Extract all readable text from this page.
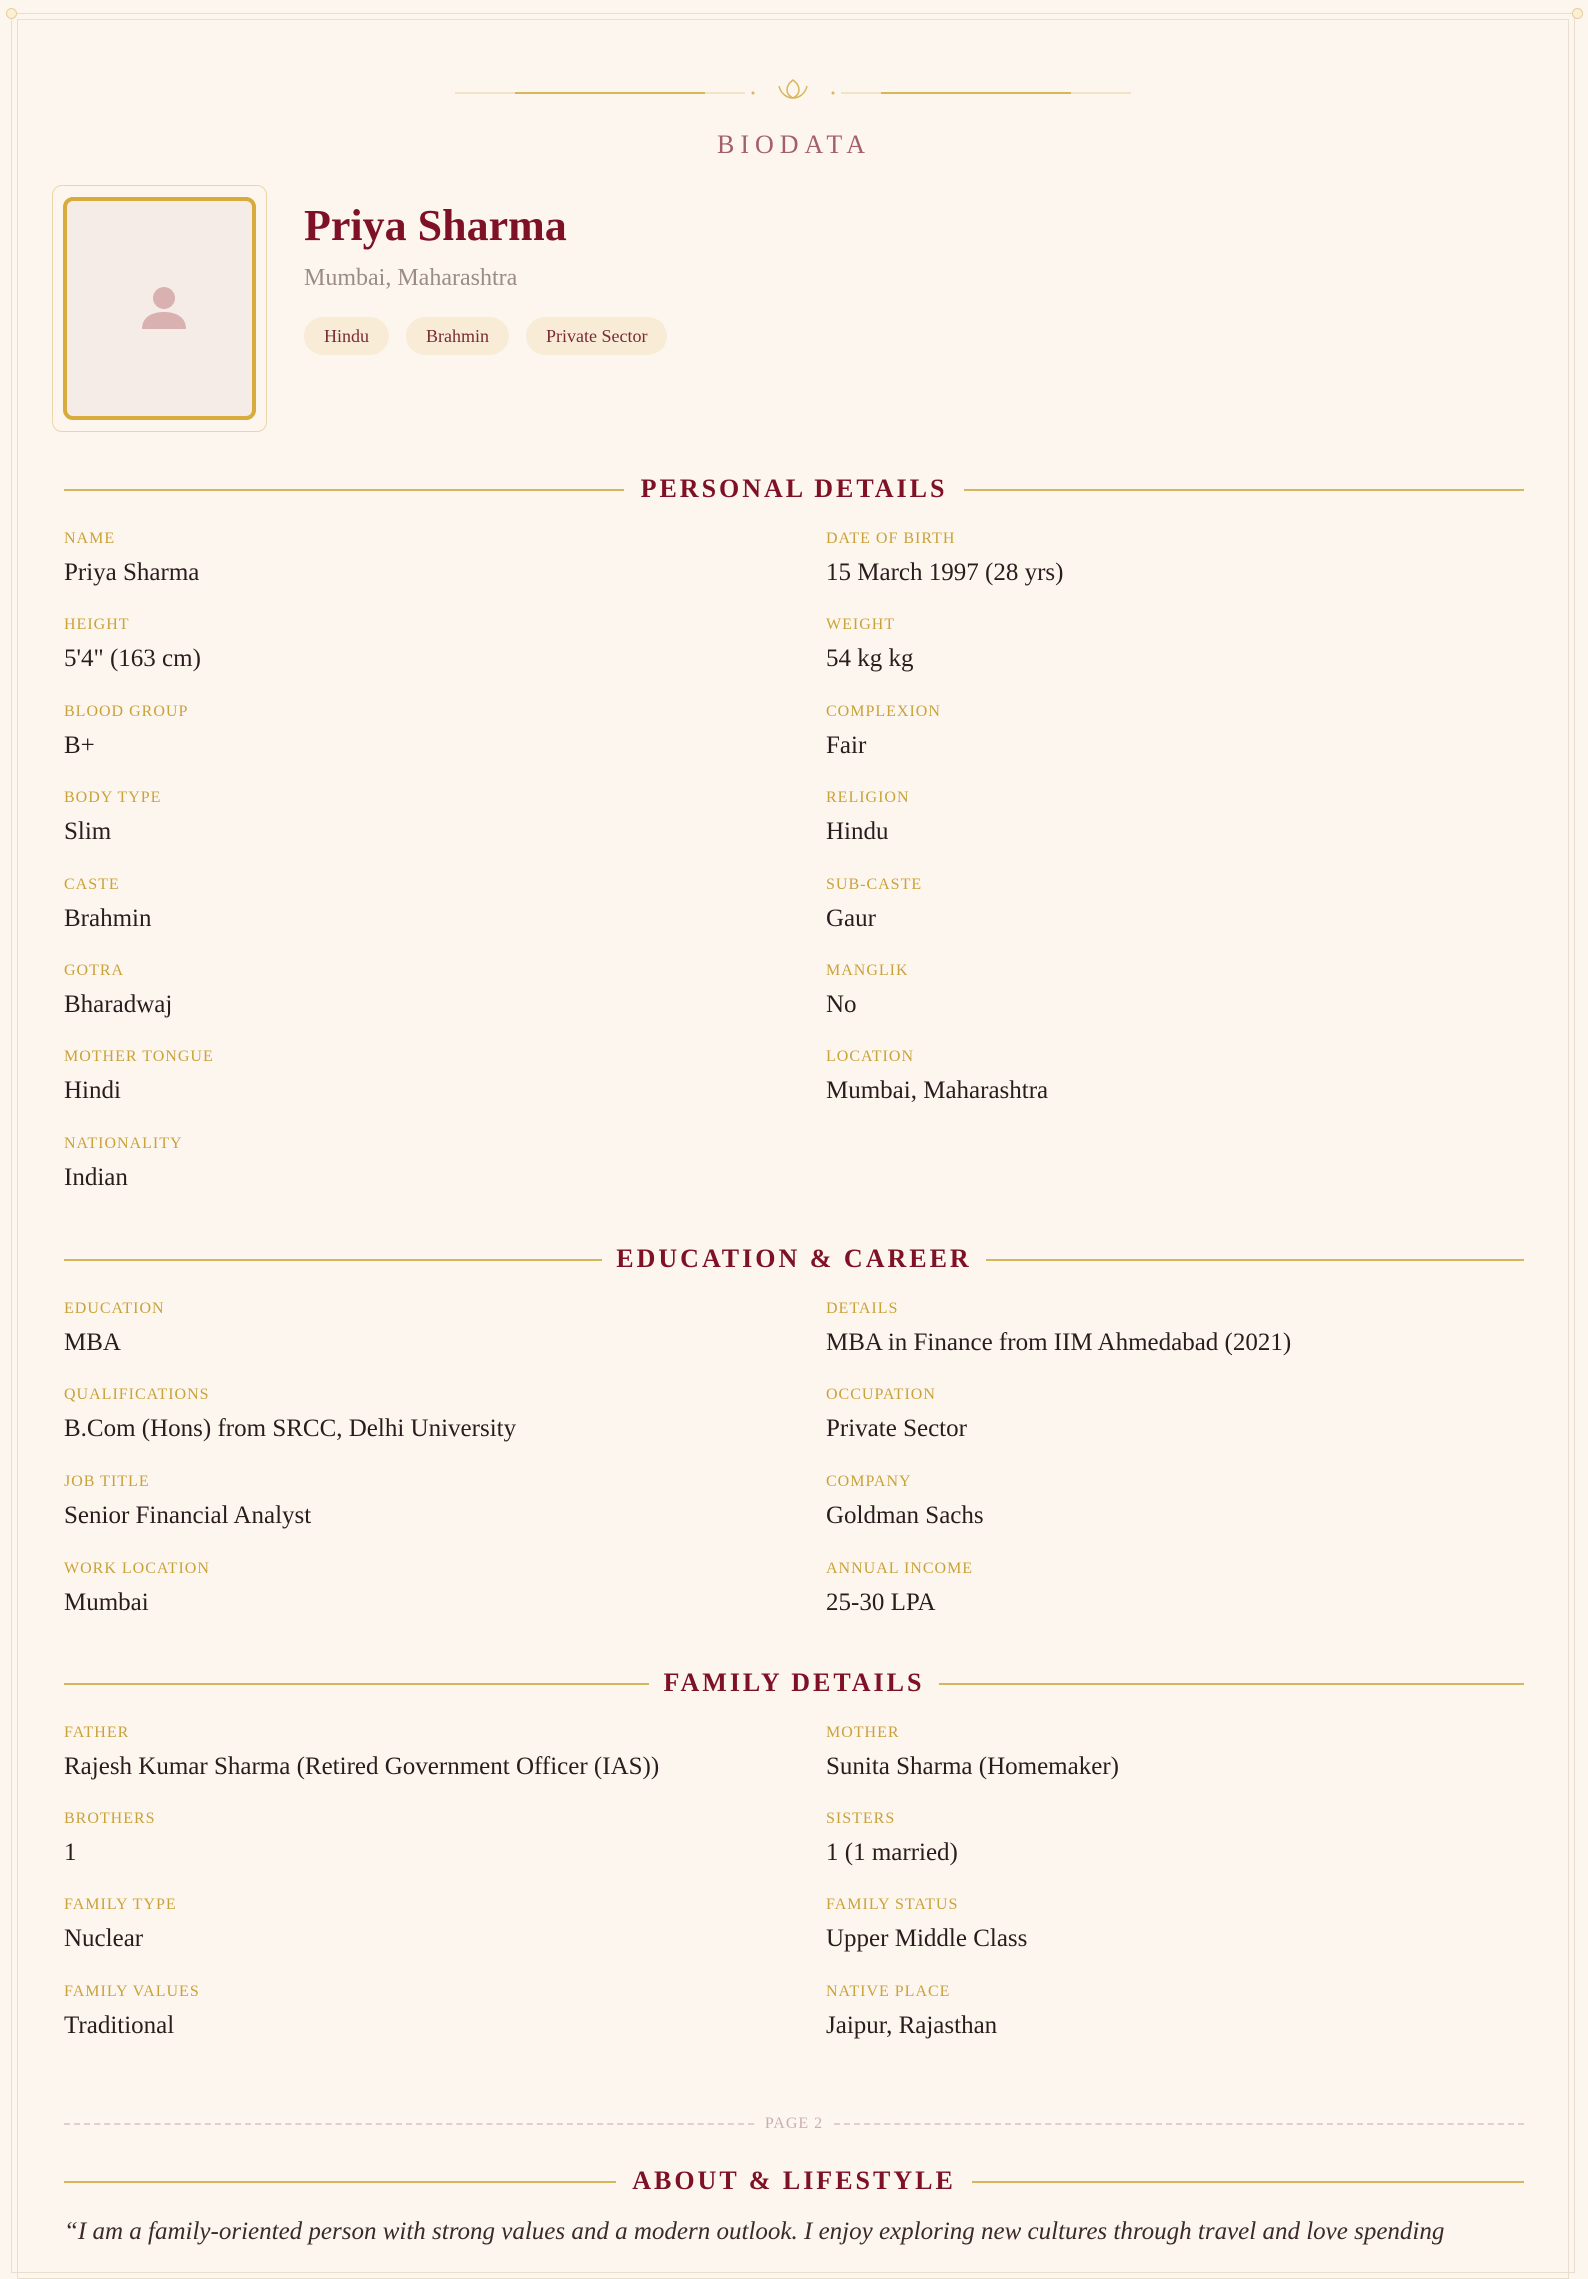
BIODATA
Priya Sharma
Mumbai, Maharashtra
Hindu	Brahmin	Private Sector
PERSONAL DETAILS
NAME
Priya Sharma
DATE OF BIRTH
15 March 1997 (28 yrs)
HEIGHT
5'4" (163 cm)
WEIGHT
54 kg kg
BLOOD GROUP
B+
COMPLEXION
Fair
BODY TYPE
Slim
RELIGION
Hindu
CASTE
Brahmin
SUB-CASTE
Gaur
GOTRA
Bharadwaj
MANGLIK
No
MOTHER TONGUE
Hindi
LOCATION
Mumbai, Maharashtra
NATIONALITY
Indian
EDUCATION & CAREER
EDUCATION
MBA
DETAILS
MBA in Finance from IIM Ahmedabad (2021)
QUALIFICATIONS
B.Com (Hons) from SRCC, Delhi University
OCCUPATION
Private Sector
JOB TITLE
Senior Financial Analyst
COMPANY
Goldman Sachs
WORK LOCATION
Mumbai
ANNUAL INCOME
25-30 LPA
FAMILY DETAILS
FATHER
Rajesh Kumar Sharma (Retired Government Officer (IAS))
MOTHER
Sunita Sharma (Homemaker)
BROTHERS
1
SISTERS
1 (1 married)
FAMILY TYPE
Nuclear
FAMILY STATUS
Upper Middle Class
FAMILY VALUES
Traditional
NATIVE PLACE
Jaipur, Rajasthan
PAGE 2
ABOUT & LIFESTYLE
“I am a family-oriented person with strong values and a modern outlook. I enjoy exploring new cultures through travel and love spending
